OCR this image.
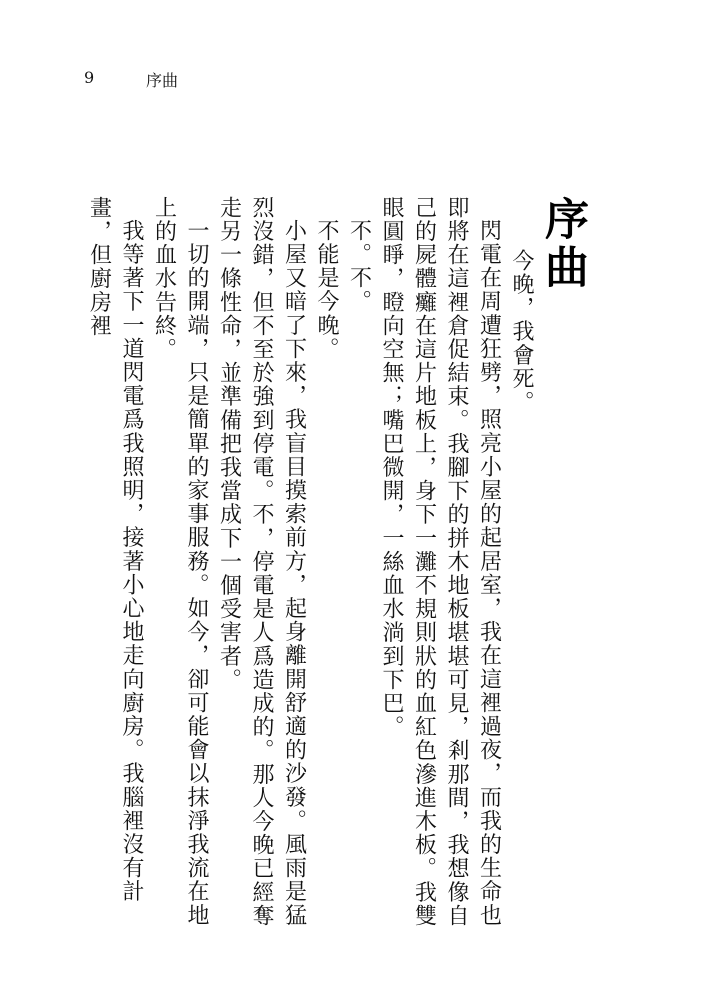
9	序曲
序曲

今晚，我會死。

閃電在周遭狂劈，照亮小屋的起居室，我在這裡過夜，而我的生命也即將在這裡倉促結束。我腳下的拼木地板堪堪可見，剎那間，我想像自己的屍體癱在這片地板上，身下一灘不規則狀的血紅色滲進木板。我雙眼圓睜，瞪向空無；嘴巴微開，一絲血水淌到下巴。

不。不。

不能是今晚。

小屋又暗了下來，我盲目摸索前方，起身離開舒適的沙發。風雨是猛烈沒錯，但不至於強到停電。不，停電是人爲造成的。那人今晚已經奪走另一條性命，並準備把我當成下一個受害者。

一切的開端，只是簡單的家事服務。如今，卻可能會以抹淨我流在地上的血水告終。

我等著下一道閃電爲我照明，接著小心地走向廚房。我腦裡沒有計畫，但廚房裡
